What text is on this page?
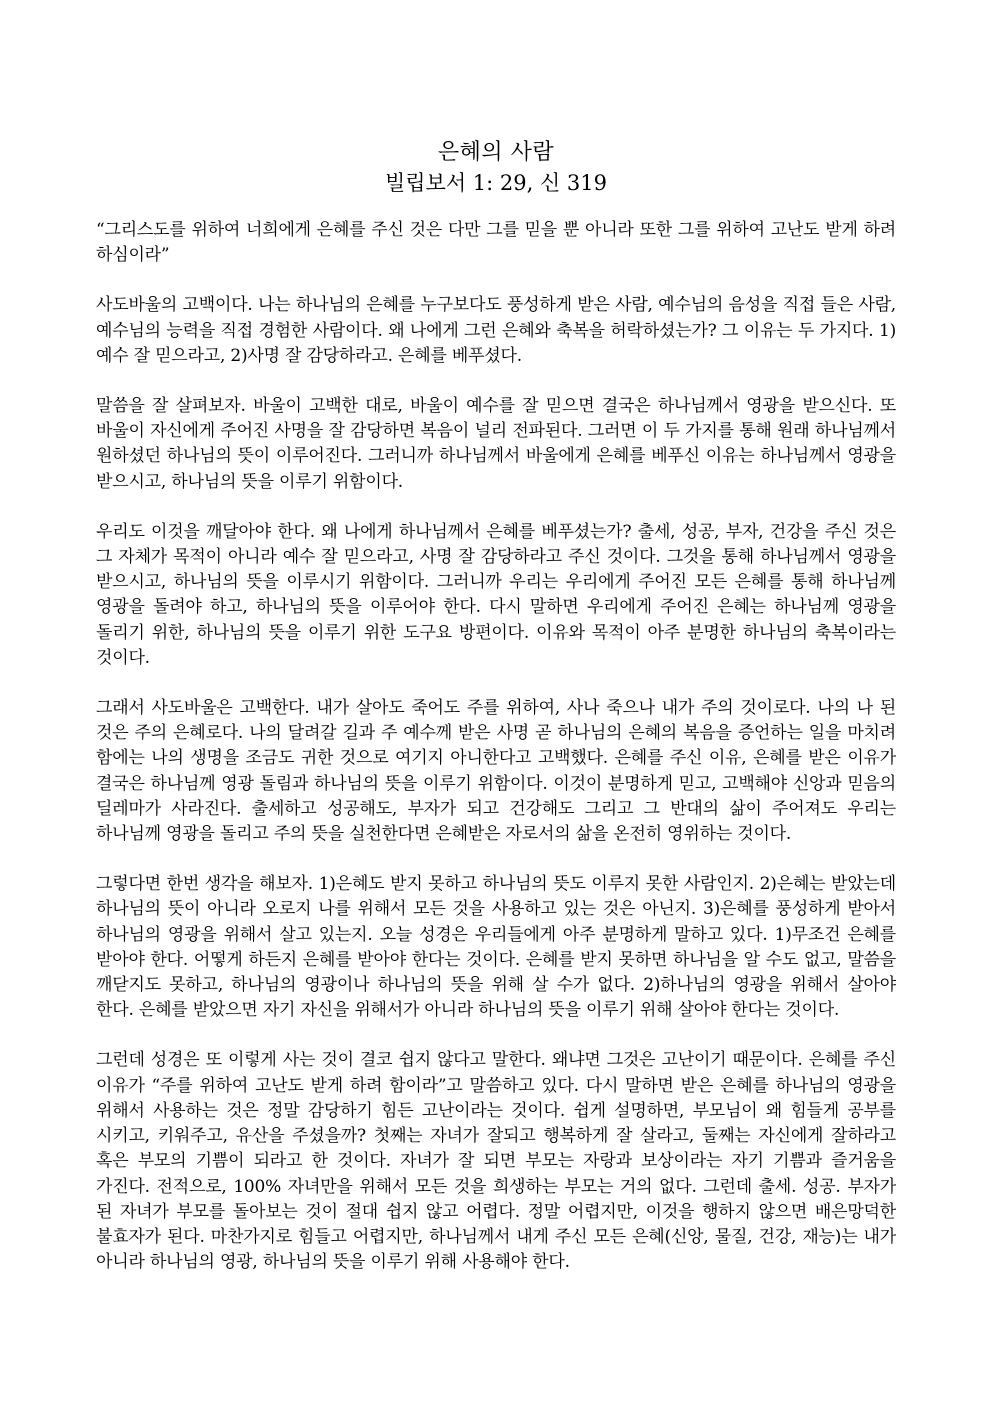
은혜의 사람

빌립보서 1: 29, 신 319

“그리스도를 위하여 너희에게 은혜를 주신 것은 다만 그를 믿을 뿐 아니라 또한 그를 위하여 고난도 받게 하려 하심이라”

사도바울의 고백이다. 나는 하나님의 은혜를 누구보다도 풍성하게 받은 사람, 예수님의 음성을 직접 들은 사람, 예수님의 능력을 직접 경험한 사람이다. 왜 나에게 그런 은혜와 축복을 허락하셨는가? 그 이유는 두 가지다. 1)예수 잘 믿으라고, 2)사명 잘 감당하라고. 은혜를 베푸셨다.

말씀을 잘 살펴보자. 바울이 고백한 대로, 바울이 예수를 잘 믿으면 결국은 하나님께서 영광을 받으신다. 또 바울이 자신에게 주어진 사명을 잘 감당하면 복음이 널리 전파된다. 그러면 이 두 가지를 통해 원래 하나님께서 원하셨던 하나님의 뜻이 이루어진다. 그러니까 하나님께서 바울에게 은혜를 베푸신 이유는 하나님께서 영광을 받으시고, 하나님의 뜻을 이루기 위함이다.

우리도 이것을 깨달아야 한다. 왜 나에게 하나님께서 은혜를 베푸셨는가? 출세, 성공, 부자, 건강을 주신 것은 그 자체가 목적이 아니라 예수 잘 믿으라고, 사명 잘 감당하라고 주신 것이다. 그것을 통해 하나님께서 영광을 받으시고, 하나님의 뜻을 이루시기 위함이다. 그러니까 우리는 우리에게 주어진 모든 은혜를 통해 하나님께 영광을 돌려야 하고, 하나님의 뜻을 이루어야 한다. 다시 말하면 우리에게 주어진 은혜는 하나님께 영광을 돌리기 위한, 하나님의 뜻을 이루기 위한 도구요 방편이다. 이유와 목적이 아주 분명한 하나님의 축복이라는 것이다.

그래서 사도바울은 고백한다. 내가 살아도 죽어도 주를 위하여, 사나 죽으나 내가 주의 것이로다. 나의 나 된 것은 주의 은혜로다. 나의 달려갈 길과 주 예수께 받은 사명 곧 하나님의 은혜의 복음을 증언하는 일을 마치려 함에는 나의 생명을 조금도 귀한 것으로 여기지 아니한다고 고백했다. 은혜를 주신 이유, 은혜를 받은 이유가 결국은 하나님께 영광 돌림과 하나님의 뜻을 이루기 위함이다. 이것이 분명하게 믿고, 고백해야 신앙과 믿음의 딜레마가 사라진다. 출세하고 성공해도, 부자가 되고 건강해도 그리고 그 반대의 삶이 주어져도 우리는 하나님께 영광을 돌리고 주의 뜻을 실천한다면 은혜받은 자로서의 삶을 온전히 영위하는 것이다.

그렇다면 한번 생각을 해보자. 1)은혜도 받지 못하고 하나님의 뜻도 이루지 못한 사람인지. 2)은혜는 받았는데 하나님의 뜻이 아니라 오로지 나를 위해서 모든 것을 사용하고 있는 것은 아닌지. 3)은혜를 풍성하게 받아서 하나님의 영광을 위해서 살고 있는지. 오늘 성경은 우리들에게 아주 분명하게 말하고 있다. 1)무조건 은혜를 받아야 한다. 어떻게 하든지 은혜를 받아야 한다는 것이다. 은혜를 받지 못하면 하나님을 알 수도 없고, 말씀을 깨닫지도 못하고, 하나님의 영광이나 하나님의 뜻을 위해 살 수가 없다. 2)하나님의 영광을 위해서 살아야 한다. 은혜를 받았으면 자기 자신을 위해서가 아니라 하나님의 뜻을 이루기 위해 살아야 한다는 것이다.

그런데 성경은 또 이렇게 사는 것이 결코 쉽지 않다고 말한다. 왜냐면 그것은 고난이기 때문이다. 은혜를 주신 이유가 “주를 위하여 고난도 받게 하려 함이라”고 말씀하고 있다. 다시 말하면 받은 은혜를 하나님의 영광을 위해서 사용하는 것은 정말 감당하기 힘든 고난이라는 것이다. 쉽게 설명하면, 부모님이 왜 힘들게 공부를 시키고, 키워주고, 유산을 주셨을까? 첫째는 자녀가 잘되고 행복하게 잘 살라고, 둘째는 자신에게 잘하라고 혹은 부모의 기쁨이 되라고 한 것이다. 자녀가 잘 되면 부모는 자랑과 보상이라는 자기 기쁨과 즐거움을 가진다. 전적으로, 100% 자녀만을 위해서 모든 것을 희생하는 부모는 거의 없다. 그런데 출세. 성공. 부자가 된 자녀가 부모를 돌아보는 것이 절대 쉽지 않고 어렵다. 정말 어렵지만, 이것을 행하지 않으면 배은망덕한 불효자가 된다. 마찬가지로 힘들고 어렵지만, 하나님께서 내게 주신 모든 은혜(신앙, 물질, 건강, 재능)는 내가 아니라 하나님의 영광, 하나님의 뜻을 이루기 위해 사용해야 한다.
